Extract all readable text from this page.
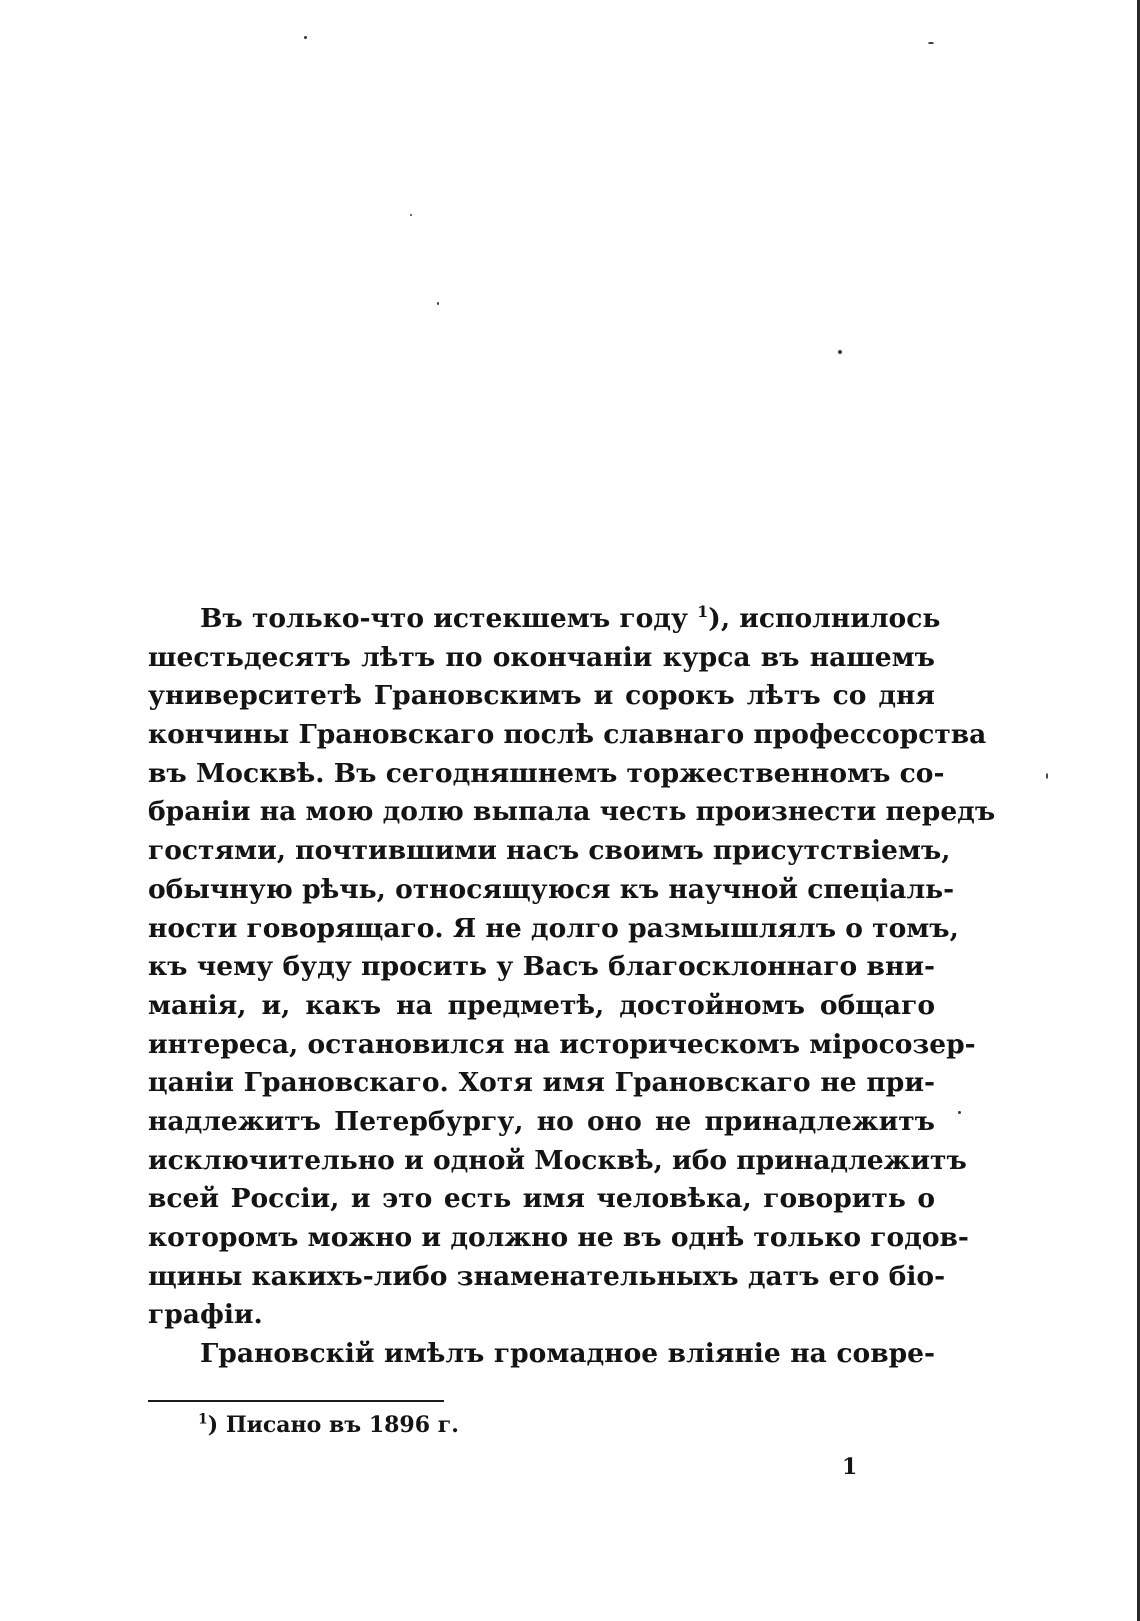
Въ только-что истекшемъ году $^1$), исполнилось
шестьдесятъ лѣтъ по окончаніи курса въ нашемъ
университетѣ Грановскимъ и сорокъ лѣтъ со дня
кончины Грановскаго послѣ славнаго профессорства
въ Москвѣ. Въ сегодняшнемъ торжественномъ со-
браніи на мою долю выпала честь произнести передъ
гостями, почтившими насъ своимъ присутствіемъ,
обычную рѣчь, относящуюся къ научной спеціаль-
ности говорящаго. Я не долго размышлялъ о томъ,
къ чему буду просить у Васъ благосклоннаго вни-
манія, и, какъ на предметѣ, достойномъ общаго
интереса, остановился на историческомъ міросозер-
цаніи Грановскаго. Хотя имя Грановскаго не при-
надлежитъ Петербургу, но оно не принадлежитъ
исключительно и одной Москвѣ, ибо принадлежитъ
всей Россіи, и это есть имя человѣка, говорить о
которомъ можно и должно не въ однѣ только годов-
щины какихъ-либо знаменательныхъ датъ его біо-
графіи.
Грановскій имѣлъ громадное вліяніе на совре-
$^1$) Писано въ 1896 г.
1
